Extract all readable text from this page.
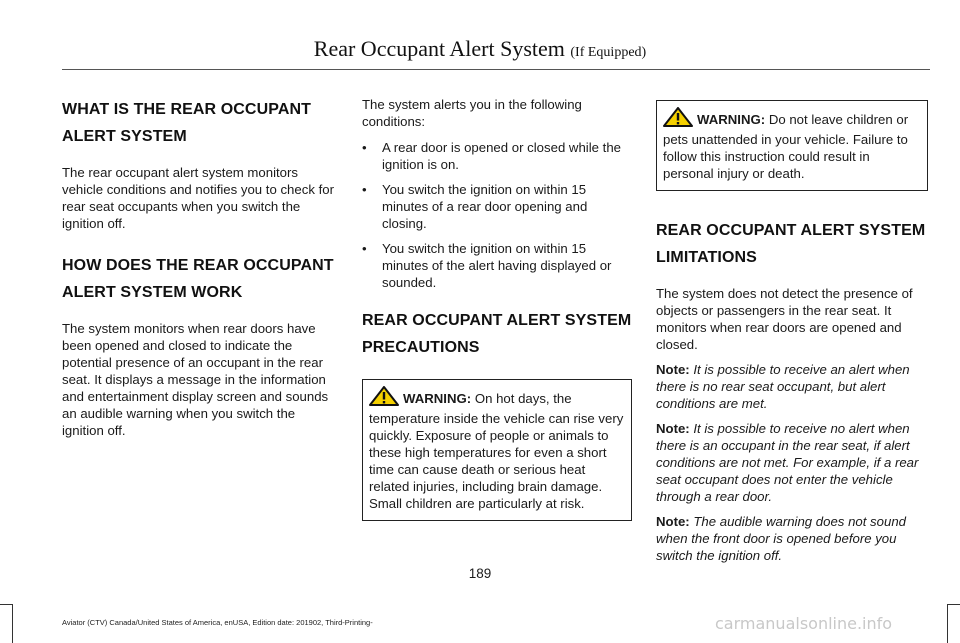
Rear Occupant Alert System (If Equipped)
WHAT IS THE REAR OCCUPANT
ALERT SYSTEM

The rear occupant alert system monitors vehicle conditions and notifies you to check for rear seat occupants when you switch the ignition off.

HOW DOES THE REAR OCCUPANT
ALERT SYSTEM WORK

The system monitors when rear doors have been opened and closed to indicate the potential presence of an occupant in the rear seat. It displays a message in the information and entertainment display screen and sounds an audible warning when you switch the ignition off.

The system alerts you in the following conditions:

• A rear door is opened or closed while the ignition is on.
• You switch the ignition on within 15 minutes of a rear door opening and closing.
• You switch the ignition on within 15 minutes of the alert having displayed or sounded.
REAR OCCUPANT ALERT SYSTEM
PRECAUTIONS
WARNING: On hot days, the temperature inside the vehicle can rise very quickly. Exposure of people or animals to these high temperatures for even a short time can cause death or serious heat related injuries, including brain damage. Small children are particularly at risk.
WARNING: Do not leave children or pets unattended in your vehicle. Failure to follow this instruction could result in personal injury or death.
REAR OCCUPANT ALERT SYSTEM
LIMITATIONS

The system does not detect the presence of objects or passengers in the rear seat. It monitors when rear doors are opened and closed.

Note: It is possible to receive an alert when there is no rear seat occupant, but alert conditions are met.

Note: It is possible to receive no alert when there is an occupant in the rear seat, if alert conditions are not met. For example, if a rear seat occupant does not enter the vehicle through a rear door.

Note: The audible warning does not sound when the front door is opened before you switch the ignition off.

189
Aviator (CTV) Canada/United States of America, enUSA, Edition date: 201902, Third-Printing-	carmanualsonline.info
